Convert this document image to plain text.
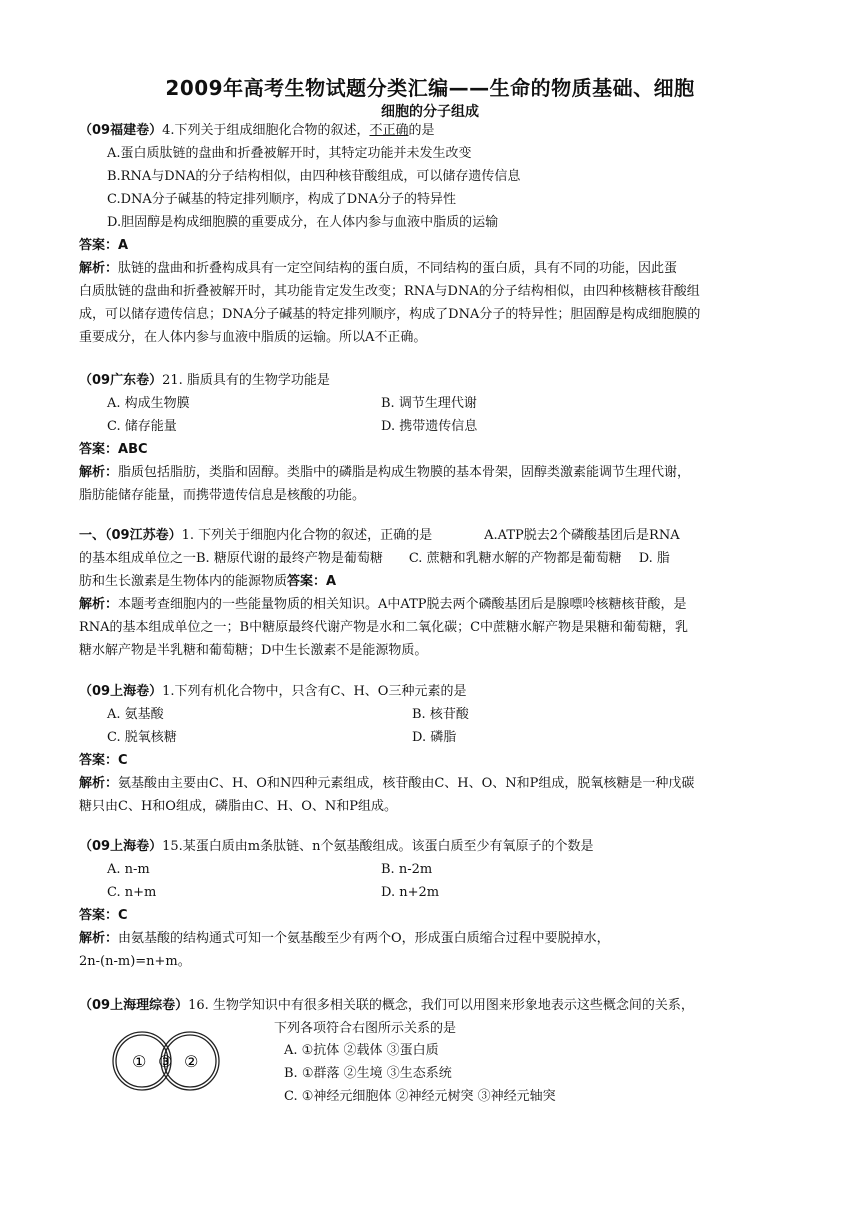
2009年高考生物试题分类汇编——生命的物质基础、细胞
细胞的分子组成
（09福建卷）4.下列关于组成细胞化合物的叙述，不正确的是
A.蛋白质肽链的盘曲和折叠被解开时，其特定功能并未发生改变
B.RNA与DNA的分子结构相似，由四种核苷酸组成，可以储存遗传信息
C.DNA分子碱基的特定排列顺序，构成了DNA分子的特异性
D.胆固醇是构成细胞膜的重要成分，在人体内参与血液中脂质的运输
答案：A
解析：肽链的盘曲和折叠构成具有一定空间结构的蛋白质，不同结构的蛋白质，具有不同的功能，因此蛋
白质肽链的盘曲和折叠被解开时，其功能肯定发生改变；RNA与DNA的分子结构相似，由四种核糖核苷酸组
成，可以储存遗传信息；DNA分子碱基的特定排列顺序，构成了DNA分子的特异性；胆固醇是构成细胞膜的
重要成分，在人体内参与血液中脂质的运输。所以A不正确。
（09广东卷）21. 脂质具有的生物学功能是
A. 构成生物膜	B. 调节生理代谢
C. 储存能量	D. 携带遗传信息
答案：ABC
解析：脂质包括脂肪，类脂和固醇。类脂中的磷脂是构成生物膜的基本骨架，固醇类激素能调节生理代谢，
脂肪能储存能量，而携带遗传信息是核酸的功能。
一、（09江苏卷）1. 下列关于细胞内化合物的叙述，正确的是　　　　A.ATP脱去2个磷酸基团后是RNA
的基本组成单位之一B. 糖原代谢的最终产物是葡萄糖　　C. 蔗糖和乳糖水解的产物都是葡萄糖　 D. 脂
肪和生长激素是生物体内的能源物质答案：A
解析：本题考查细胞内的一些能量物质的相关知识。A中ATP脱去两个磷酸基团后是腺嘌呤核糖核苷酸，是
RNA的基本组成单位之一；B中糖原最终代谢产物是水和二氧化碳；C中蔗糖水解产物是果糖和葡萄糖，乳
糖水解产物是半乳糖和葡萄糖；D中生长激素不是能源物质。
（09上海卷）1.下列有机化合物中，只含有C、H、O三种元素的是
A. 氨基酸	B. 核苷酸
C. 脱氧核糖	D. 磷脂
答案：C
解析：氨基酸由主要由C、H、O和N四种元素组成，核苷酸由C、H、O、N和P组成，脱氧核糖是一种戊碳
糖只由C、H和O组成，磷脂由C、H、O、N和P组成。
（09上海卷）15.某蛋白质由m条肽链、n个氨基酸组成。该蛋白质至少有氧原子的个数是
A. n-m	B. n-2m
C. n+m	D. n+2m
答案：C
解析：由氨基酸的结构通式可知一个氨基酸至少有两个O，形成蛋白质缩合过程中要脱掉水，
2n-(n-m)=n+m。
（09上海理综卷）16. 生物学知识中有很多相关联的概念，我们可以用图来形象地表示这些概念间的关系，
下列各项符合右图所示关系的是
① ③ ②
A. ①抗体 ②载体 ③蛋白质
B. ①群落 ②生境 ③生态系统
C. ①神经元细胞体 ②神经元树突 ③神经元轴突
